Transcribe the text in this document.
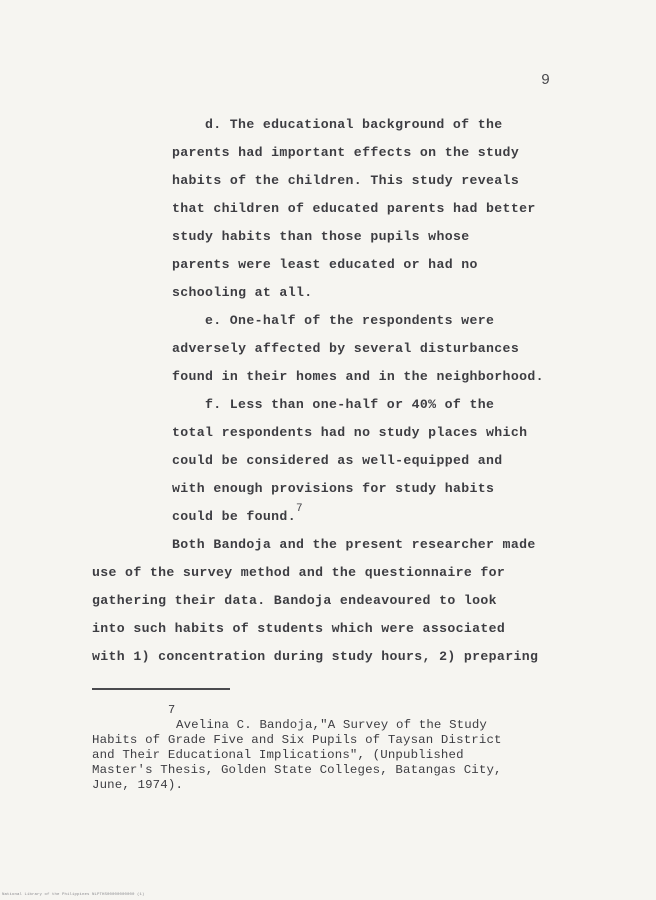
9
d. The educational background of the
parents had important effects on the study
habits of the children. This study reveals
that children of educated parents had better
study habits than those pupils whose
parents were least educated or had no
schooling at all.
e. One-half of the respondents were
adversely affected by several disturbances
found in their homes and in the neighborhood.
f. Less than one-half or 40% of the
total respondents had no study places which
could be considered as well-equipped and
with enough provisions for study habits
could be found.$^7$
Both Bandoja and the present researcher made
use of the survey method and the questionnaire for
gathering their data. Bandoja endeavoured to look
into such habits of students which were associated
with 1) concentration during study hours, 2) preparing
7
Avelina C. Bandoja,"A Survey of the Study
Habits of Grade Five and Six Pupils of Taysan District
and Their Educational Implications", (Unpublished
Master's Thesis, Golden State Colleges, Batangas City,
June, 1974).
National Library of the Philippines NLPTHS00000000000 (1)
